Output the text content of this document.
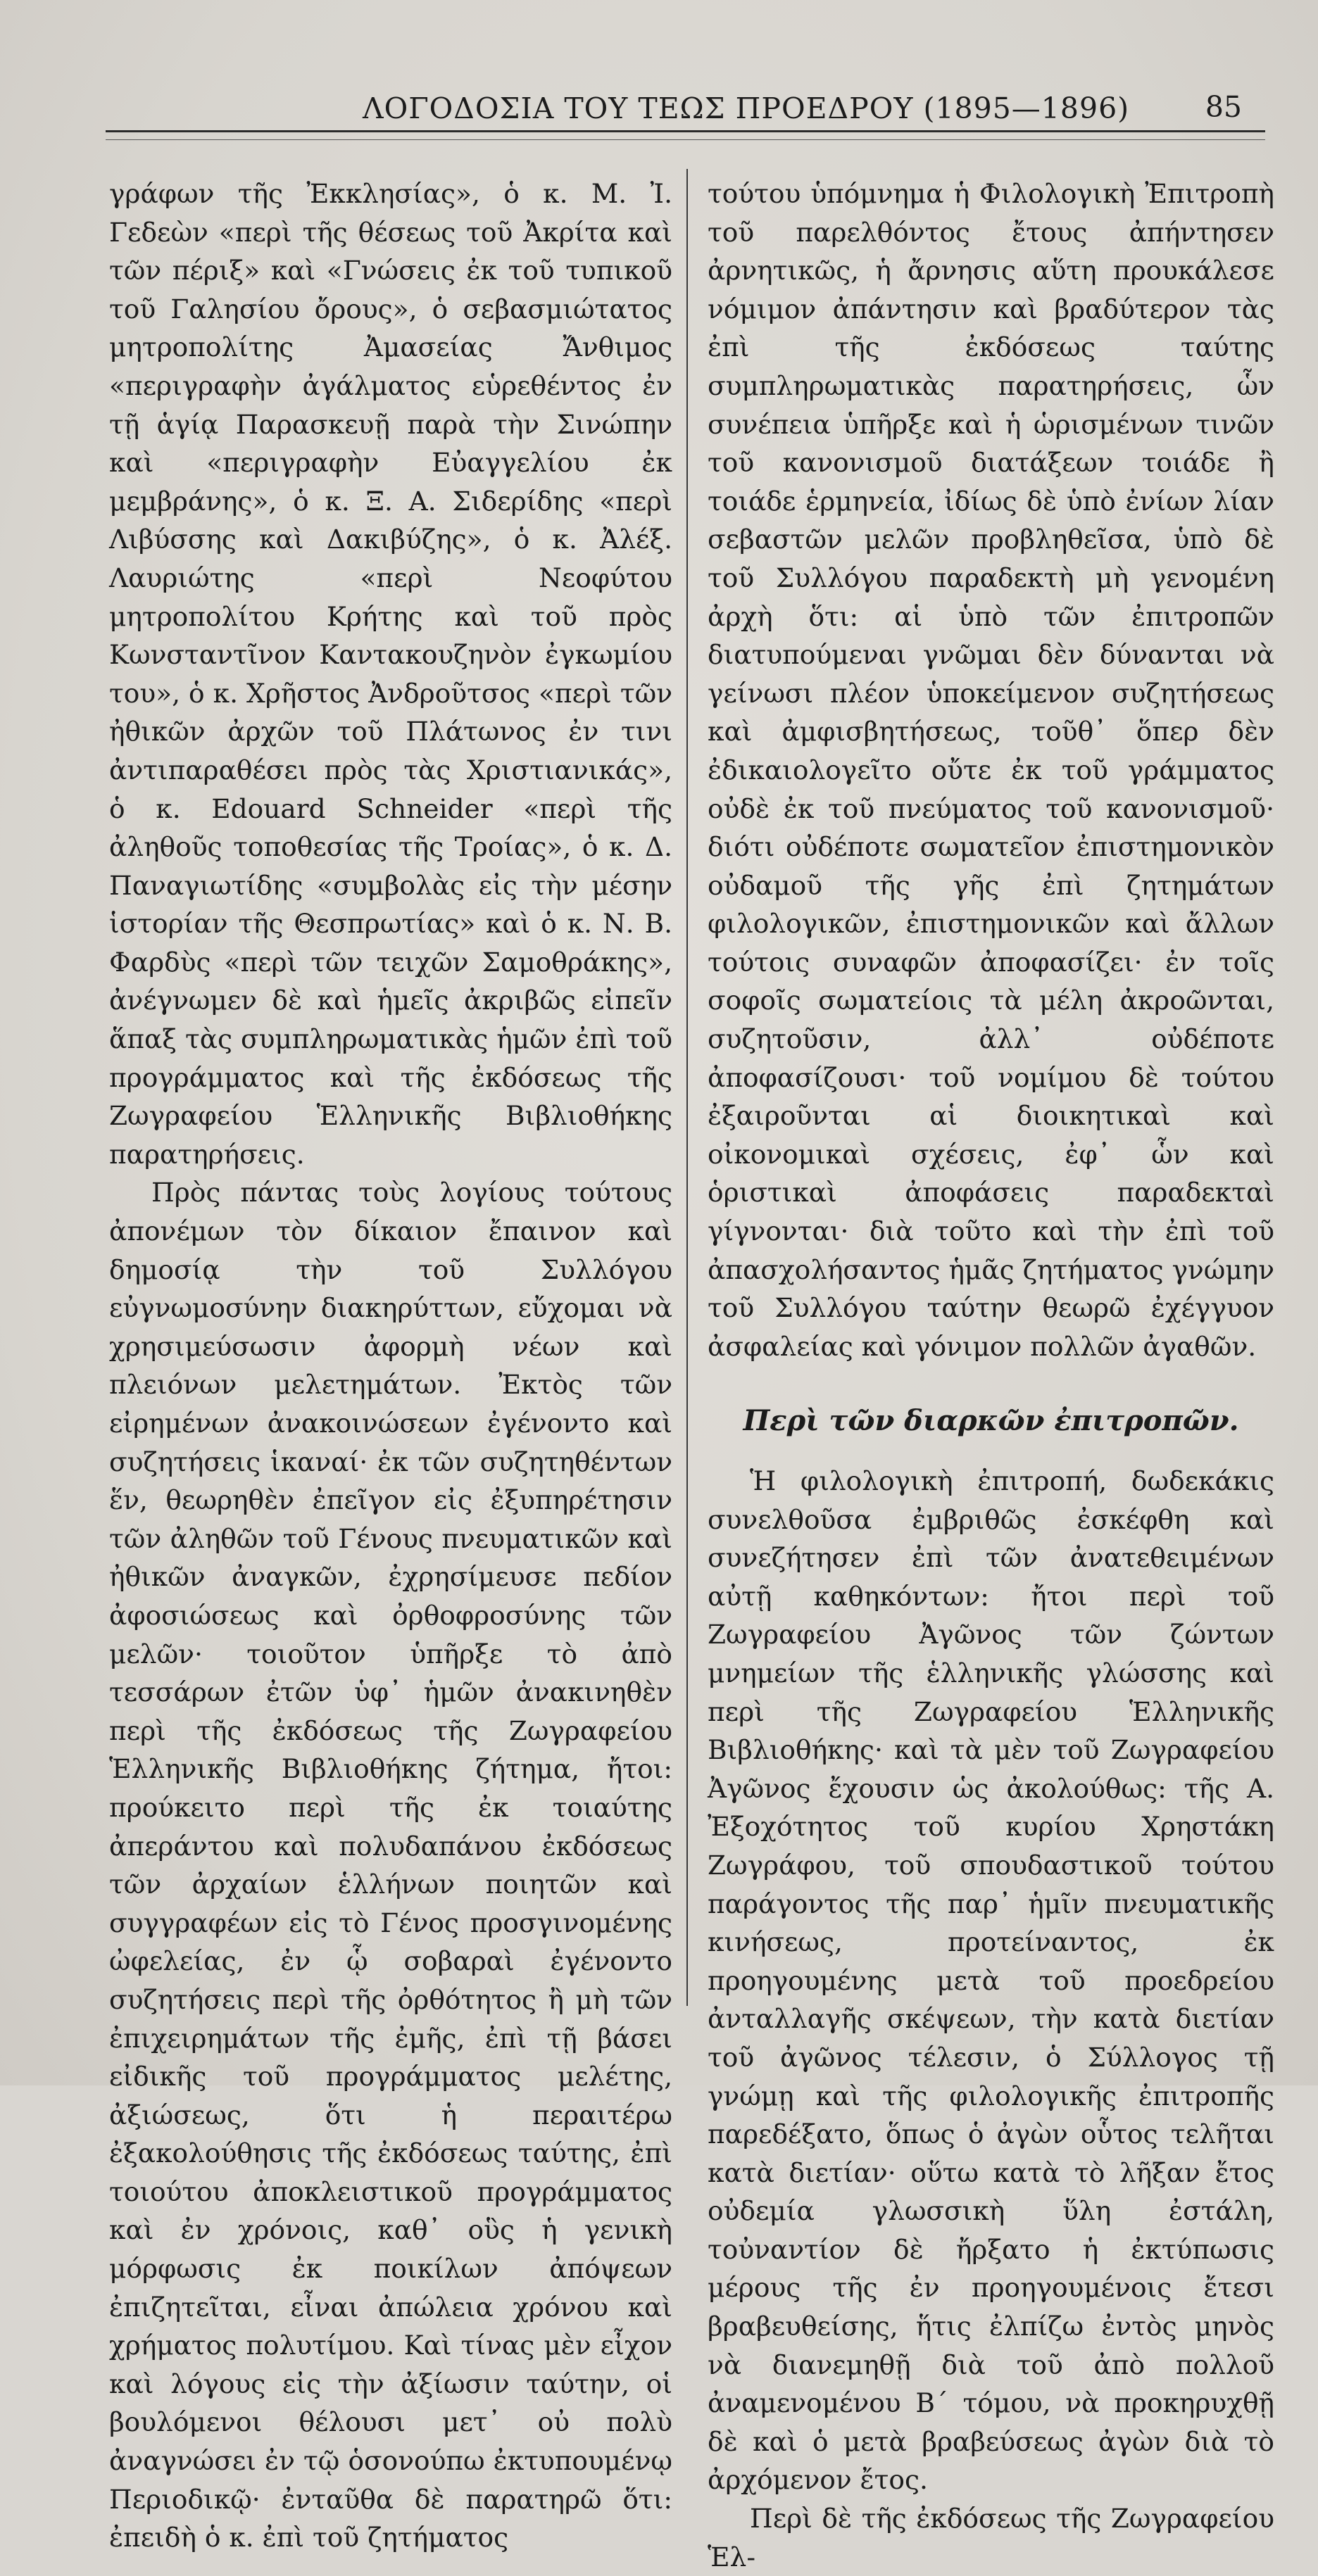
ΛΟΓΟΔΟΣΙΑ ΤΟΥ ΤΕΩΣ ΠΡΟΕΔΡΟΥ (1895—1896)	85

γράφων τῆς Ἐκκλησίας», ὁ κ. Μ. Ἰ. Γεδεὼν «περὶ τῆς θέσεως τοῦ Ἀκρίτα καὶ τῶν πέριξ» καὶ «Γνώσεις ἐκ τοῦ τυπικοῦ τοῦ Γαλησίου ὄρους», ὁ σεβασμιώτατος μητροπολίτης Ἀμασείας Ἄνθιμος «περιγραφὴν ἀγάλματος εὑρεθέντος ἐν τῇ ἁγίᾳ Παρασκευῇ παρὰ τὴν Σινώπην καὶ «περιγραφὴν Εὐαγγελίου ἐκ μεμβράνης», ὁ κ. Ξ. Α. Σιδερίδης «περὶ Λιβύσσης καὶ Δακιβύζης», ὁ κ. Ἀλέξ. Λαυριώτης «περὶ Νεοφύτου μητροπολίτου Κρήτης καὶ τοῦ πρὸς Κωνσταντῖνον Καντακουζηνὸν ἐγκωμίου του», ὁ κ. Χρῆστος Ἀνδροῦτσος «περὶ τῶν ἠθικῶν ἀρχῶν τοῦ Πλάτωνος ἐν τινι ἀντιπαραθέσει πρὸς τὰς Χριστιανικάς», ὁ κ. Edouard Schneider «περὶ τῆς ἀληθοῦς τοποθεσίας τῆς Τροίας», ὁ κ. Δ. Παναγιωτίδης «συμβολὰς εἰς τὴν μέσην ἱστορίαν τῆς Θεσπρωτίας» καὶ ὁ κ. Ν. Β. Φαρδὺς «περὶ τῶν τειχῶν Σαμοθράκης», ἀνέγνωμεν δὲ καὶ ἡμεῖς ἀκριβῶς εἰπεῖν ἅπαξ τὰς συμπληρωματικὰς ἡμῶν ἐπὶ τοῦ προγράμματος καὶ τῆς ἐκδόσεως τῆς Ζωγραφείου Ἑλληνικῆς Βιβλιοθήκης παρατηρήσεις.

Πρὸς πάντας τοὺς λογίους τούτους ἀπονέμων τὸν δίκαιον ἔπαινον καὶ δημοσίᾳ τὴν τοῦ Συλλόγου εὐγνωμοσύνην διακηρύττων, εὔχομαι νὰ χρησιμεύσωσιν ἀφορμὴ νέων καὶ πλειόνων μελετημάτων. Ἐκτὸς τῶν εἰρημένων ἀνακοινώσεων ἐγένοντο καὶ συζητήσεις ἱκαναί· ἐκ τῶν συζητηθέντων ἕν, θεωρηθὲν ἐπεῖγον εἰς ἐξυπηρέτησιν τῶν ἀληθῶν τοῦ Γένους πνευματικῶν καὶ ἠθικῶν ἀναγκῶν, ἐχρησίμευσε πεδίον ἀφοσιώσεως καὶ ὀρθοφροσύνης τῶν μελῶν· τοιοῦτον ὑπῆρξε τὸ ἀπὸ τεσσάρων ἐτῶν ὑφ᾿ ἡμῶν ἀνακινηθὲν περὶ τῆς ἐκδόσεως τῆς Ζωγραφείου Ἑλληνικῆς Βιβλιοθήκης ζήτημα, ἤτοι: προύκειτο περὶ τῆς ἐκ τοιαύτης ἀπεράντου καὶ πολυδαπάνου ἐκδόσεως τῶν ἀρχαίων ἑλλήνων ποιητῶν καὶ συγγραφέων εἰς τὸ Γένος προσγινομένης ὠφελείας, ἐν ᾧ σοβαραὶ ἐγένοντο συζητήσεις περὶ τῆς ὀρθότητος ἢ μὴ τῶν ἐπιχειρημάτων τῆς ἐμῆς, ἐπὶ τῇ βάσει εἰδικῆς τοῦ προγράμματος μελέτης, ἀξιώσεως, ὅτι ἡ περαιτέρω ἐξακολούθησις τῆς ἐκδόσεως ταύτης, ἐπὶ τοιούτου ἀποκλειστικοῦ προγράμματος καὶ ἐν χρόνοις, καθ᾿ οὓς ἡ γενικὴ μόρφωσις ἐκ ποικίλων ἀπόψεων ἐπιζητεῖται, εἶναι ἀπώλεια χρόνου καὶ χρήματος πολυτίμου. Καὶ τίνας μὲν εἶχον καὶ λόγους εἰς τὴν ἀξίωσιν ταύτην, οἱ βουλόμενοι θέλουσι μετ᾿ οὐ πολὺ ἀναγνώσει ἐν τῷ ὁσονούπω ἐκτυπουμένῳ Περιοδικῷ· ἐνταῦθα δὲ παρατηρῶ ὅτι: ἐπειδὴ ὁ κ. ἐπὶ τοῦ ζητήματος

τούτου ὑπόμνημα ἡ Φιλολογικὴ Ἐπιτροπὴ τοῦ παρελθόντος ἔτους ἀπήντησεν ἀρνητικῶς, ἡ ἄρνησις αὕτη προυκάλεσε νόμιμον ἀπάντησιν καὶ βραδύτερον τὰς ἐπὶ τῆς ἐκδόσεως ταύτης συμπληρωματικὰς παρατηρήσεις, ὧν συνέπεια ὑπῆρξε καὶ ἡ ὡρισμένων τινῶν τοῦ κανονισμοῦ διατάξεων τοιάδε ἢ τοιάδε ἑρμηνεία, ἰδίως δὲ ὑπὸ ἐνίων λίαν σεβαστῶν μελῶν προβληθεῖσα, ὑπὸ δὲ τοῦ Συλλόγου παραδεκτὴ μὴ γενομένη ἀρχὴ ὅτι: αἱ ὑπὸ τῶν ἐπιτροπῶν διατυπούμεναι γνῶμαι δὲν δύνανται νὰ γείνωσι πλέον ὑποκείμενον συζητήσεως καὶ ἀμφισβητήσεως, τοῦθ᾿ ὅπερ δὲν ἐδικαιολογεῖτο οὔτε ἐκ τοῦ γράμματος οὐδὲ ἐκ τοῦ πνεύματος τοῦ κανονισμοῦ· διότι οὐδέποτε σωματεῖον ἐπιστημονικὸν οὐδαμοῦ τῆς γῆς ἐπὶ ζητημάτων φιλολογικῶν, ἐπιστημονικῶν καὶ ἄλλων τούτοις συναφῶν ἀποφασίζει· ἐν τοῖς σοφοῖς σωματείοις τὰ μέλη ἀκροῶνται, συζητοῦσιν, ἀλλ᾿ οὐδέποτε ἀποφασίζουσι· τοῦ νομίμου δὲ τούτου ἐξαιροῦνται αἱ διοικητικαὶ καὶ οἰκονομικαὶ σχέσεις, ἐφ᾿ ὧν καὶ ὁριστικαὶ ἀποφάσεις παραδεκταὶ γίγνονται· διὰ τοῦτο καὶ τὴν ἐπὶ τοῦ ἀπασχολήσαντος ἡμᾶς ζητήματος γνώμην τοῦ Συλλόγου ταύτην θεωρῶ ἐχέγγυον ἀσφαλείας καὶ γόνιμον πολλῶν ἀγαθῶν.

Περὶ τῶν διαρκῶν ἐπιτροπῶν.

Ἡ φιλολογικὴ ἐπιτροπή, δωδεκάκις συνελθοῦσα ἐμβριθῶς ἐσκέφθη καὶ συνεζήτησεν ἐπὶ τῶν ἀνατεθειμένων αὐτῇ καθηκόντων: ἤτοι περὶ τοῦ Ζωγραφείου Ἀγῶνος τῶν ζώντων μνημείων τῆς ἑλληνικῆς γλώσσης καὶ περὶ τῆς Ζωγραφείου Ἑλληνικῆς Βιβλιοθήκης· καὶ τὰ μὲν τοῦ Ζωγραφείου Ἀγῶνος ἔχουσιν ὡς ἀκολούθως: τῆς Α. Ἐξοχότητος τοῦ κυρίου Χρηστάκη Ζωγράφου, τοῦ σπουδαστικοῦ τούτου παράγοντος τῆς παρ᾿ ἡμῖν πνευματικῆς κινήσεως, προτείναντος, ἐκ προηγουμένης μετὰ τοῦ προεδρείου ἀνταλλαγῆς σκέψεων, τὴν κατὰ διετίαν τοῦ ἀγῶνος τέλεσιν, ὁ Σύλλογος τῇ γνώμῃ καὶ τῆς φιλολογικῆς ἐπιτροπῆς παρεδέξατο, ὅπως ὁ ἀγὼν οὗτος τελῆται κατὰ διετίαν· οὕτω κατὰ τὸ λῆξαν ἔτος οὐδεμία γλωσσικὴ ὕλη ἐστάλη, τοὐναντίον δὲ ἤρξατο ἡ ἐκτύπωσις μέρους τῆς ἐν προηγουμένοις ἔτεσι βραβευθείσης, ἥτις ἐλπίζω ἐντὸς μηνὸς νὰ διανεμηθῇ διὰ τοῦ ἀπὸ πολλοῦ ἀναμενομένου Β´ τόμου, νὰ προκηρυχθῇ δὲ καὶ ὁ μετὰ βραβεύσεως ἀγὼν διὰ τὸ ἀρχόμενον ἔτος.

Περὶ δὲ τῆς ἐκδόσεως τῆς Ζωγραφείου Ἑλ-
